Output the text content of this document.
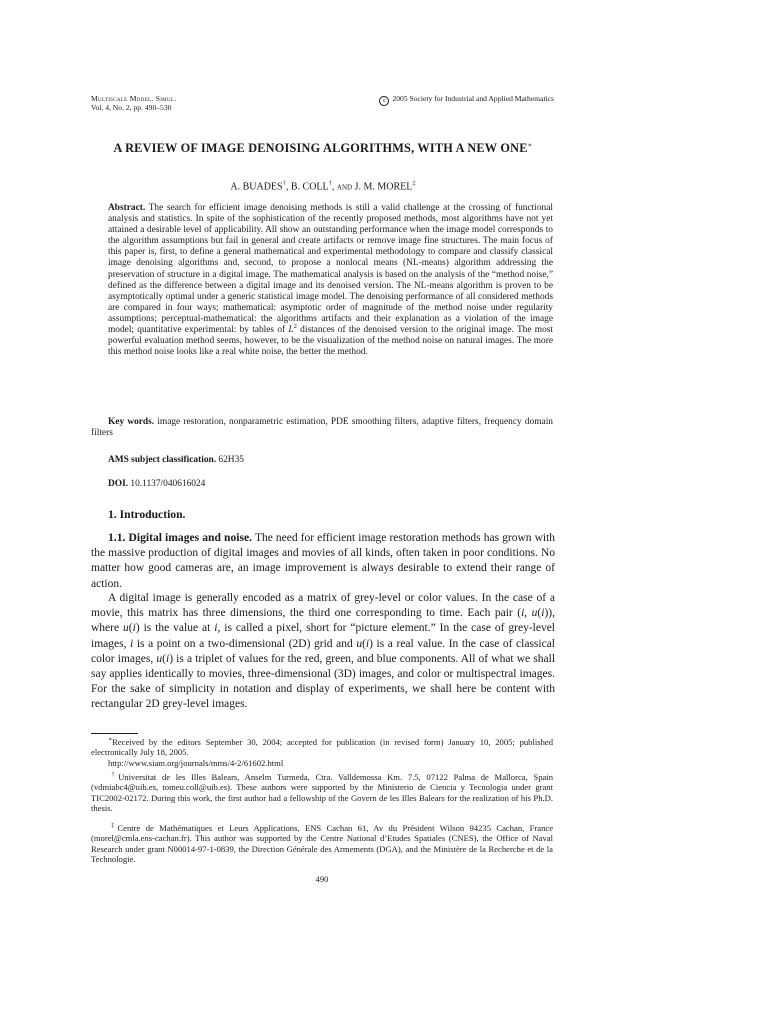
Multiscale Model. Simul.
Vol. 4, No. 2, pp. 490–530
c 2005 Society for Industrial and Applied Mathematics
A REVIEW OF IMAGE DENOISING ALGORITHMS, WITH A NEW ONE∗
A. BUADES†, B. COLL†, and J. M. MOREL‡
Abstract. The search for efficient image denoising methods is still a valid challenge at the crossing of functional analysis and statistics. In spite of the sophistication of the recently proposed methods, most algorithms have not yet attained a desirable level of applicability. All show an outstanding performance when the image model corresponds to the algorithm assumptions but fail in general and create artifacts or remove image fine structures. The main focus of this paper is, first, to define a general mathematical and experimental methodology to compare and classify classical image denoising algorithms and, second, to propose a nonlocal means (NL-means) algorithm addressing the preservation of structure in a digital image. The mathematical analysis is based on the analysis of the “method noise,” defined as the difference between a digital image and its denoised version. The NL-means algorithm is proven to be asymptotically optimal under a generic statistical image model. The denoising performance of all considered methods are compared in four ways; mathematical: asymptotic order of magnitude of the method noise under regularity assumptions; perceptual-mathematical: the algorithms artifacts and their explanation as a violation of the image model; quantitative experimental: by tables of $L^2$ distances of the denoised version to the original image. The most powerful evaluation method seems, however, to be the visualization of the method noise on natural images. The more this method noise looks like a real white noise, the better the method.
Key words. image restoration, nonparametric estimation, PDE smoothing filters, adaptive filters, frequency domain filters
AMS subject classification. 62H35
DOI. 10.1137/040616024
1. Introduction.
1.1. Digital images and noise. The need for efficient image restoration methods has grown with the massive production of digital images and movies of all kinds, often taken in poor conditions. No matter how good cameras are, an image improvement is always desirable to extend their range of action.
A digital image is generally encoded as a matrix of grey-level or color values. In the case of a movie, this matrix has three dimensions, the third one corresponding to time. Each pair (i, u(i)), where u(i) is the value at i, is called a pixel, short for “picture element.” In the case of grey-level images, i is a point on a two-dimensional (2D) grid and u(i) is a real value. In the case of classical color images, u(i) is a triplet of values for the red, green, and blue components. All of what we shall say applies identically to movies, three-dimensional (3D) images, and color or multispectral images. For the sake of simplicity in notation and display of experiments, we shall here be content with rectangular 2D grey-level images.
∗Received by the editors September 30, 2004; accepted for publication (in revised form) January 10, 2005; published electronically July 18, 2005.
http://www.siam.org/journals/mms/4-2/61602.html
†Universitat de les Illes Balears, Anselm Turmeda, Ctra. Valldemossa Km. 7.5, 07122 Palma de Mallorca, Spain (vdmiabc4@uib.es, tomeu.coll@uib.es). These authors were supported by the Ministerio de Ciencia y Tecnologia under grant TIC2002-02172. During this work, the first author had a fellowship of the Govern de les Illes Balears for the realization of his Ph.D. thesis.
‡Centre de Mathématiques et Leurs Applications, ENS Cachan 61, Av du Président Wilson 94235 Cachan, France (morel@cmla.ens-cachan.fr). This author was supported by the Centre National d’Etudes Spatiales (CNES), the Office of Naval Research under grant N00014-97-1-0839, the Direction Générale des Armements (DGA), and the Ministère de la Recherche et de la Technologie.
490
